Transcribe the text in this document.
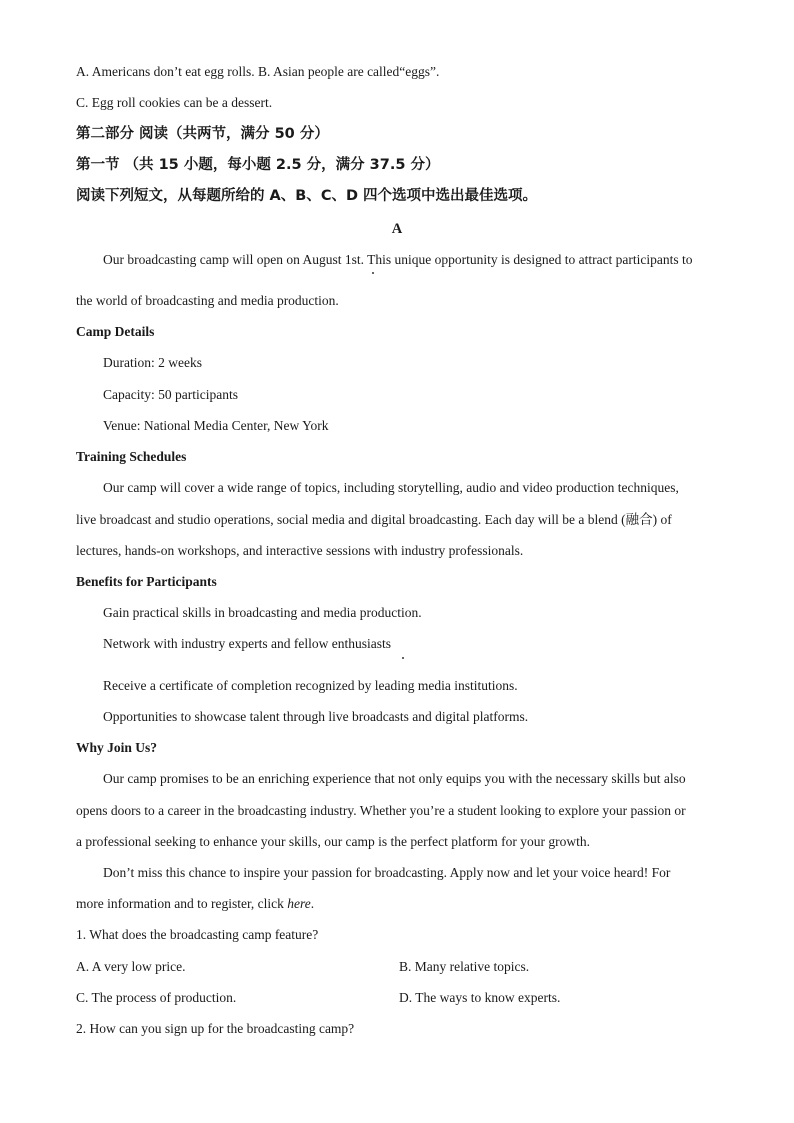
A. Americans don’t eat egg rolls. B. Asian people are called“eggs”.
C. Egg roll cookies can be a dessert.
第二部分 阅读（共两节，满分 50 分）
第一节 （共 15 小题，每小题 2.5 分，满分 37.5 分）
阅读下列短文，从每题所给的 A、B、C、D 四个选项中选出最佳选项。
A
Our broadcasting camp will open on August 1st. This unique opportunity is designed to attract participants to
the world of broadcasting and media production.
Camp Details
Duration: 2 weeks
Capacity: 50 participants
Venue: National Media Center, New York
Training Schedules
Our camp will cover a wide range of topics, including storytelling, audio and video production techniques,
live broadcast and studio operations, social media and digital broadcasting. Each day will be a blend (融合) of
lectures, hands-on workshops, and interactive sessions with industry professionals.
Benefits for Participants
Gain practical skills in broadcasting and media production.
Network with industry experts and fellow enthusiasts
Receive a certificate of completion recognized by leading media institutions.
Opportunities to showcase talent through live broadcasts and digital platforms.
Why Join Us?
Our camp promises to be an enriching experience that not only equips you with the necessary skills but also
opens doors to a career in the broadcasting industry. Whether you’re a student looking to explore your passion or
a professional seeking to enhance your skills, our camp is the perfect platform for your growth.
Don’t miss this chance to inspire your passion for broadcasting. Apply now and let your voice heard! For
more information and to register, click here.
1. What does the broadcasting camp feature?
A. A very low price.	B. Many relative topics.
C. The process of production.	D. The ways to know experts.
2. How can you sign up for the broadcasting camp?
